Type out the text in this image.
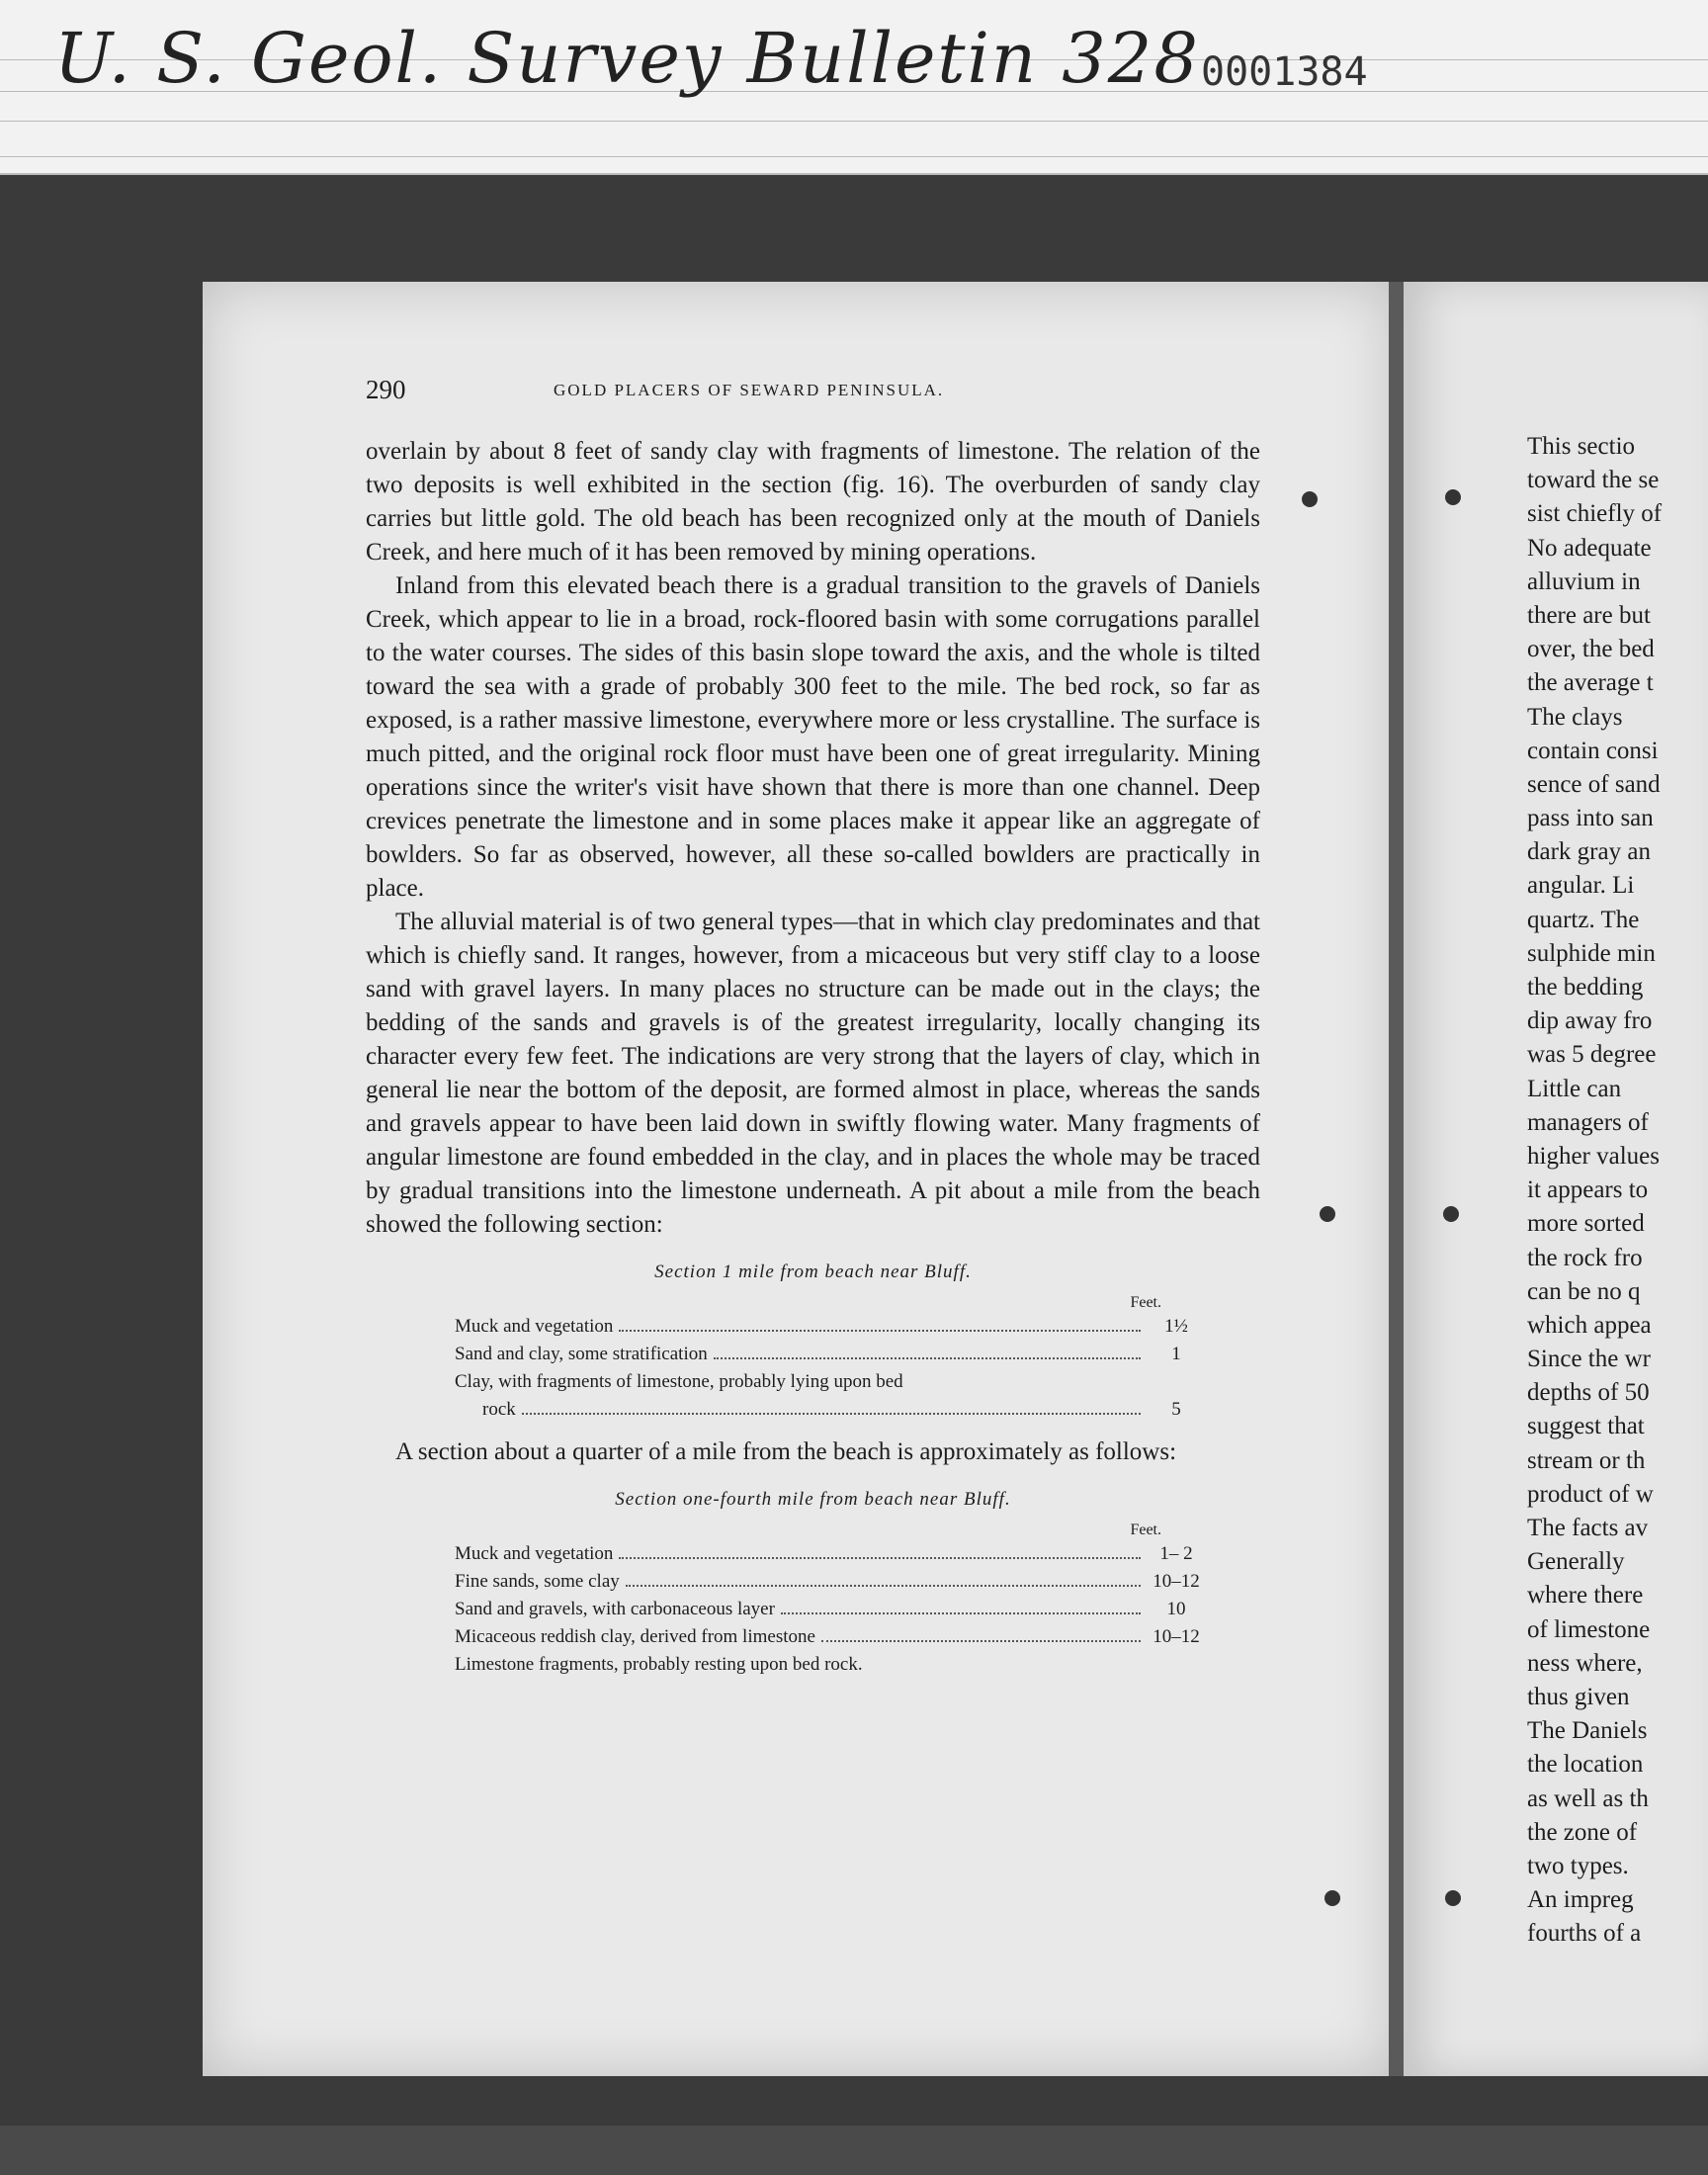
U. S. Geol. Survey Bulletin 328 0001384
290	GOLD PLACERS OF SEWARD PENINSULA.

overlain by about 8 feet of sandy clay with fragments of limestone. The relation of the two deposits is well exhibited in the section (fig. 16). The overburden of sandy clay carries but little gold. The old beach has been recognized only at the mouth of Daniels Creek, and here much of it has been removed by mining operations.

Inland from this elevated beach there is a gradual transition to the gravels of Daniels Creek, which appear to lie in a broad, rock-floored basin with some corrugations parallel to the water courses. The sides of this basin slope toward the axis, and the whole is tilted toward the sea with a grade of probably 300 feet to the mile. The bed rock, so far as exposed, is a rather massive limestone, everywhere more or less crystalline. The surface is much pitted, and the original rock floor must have been one of great irregularity. Mining operations since the writer's visit have shown that there is more than one channel. Deep crevices penetrate the limestone and in some places make it appear like an aggregate of bowlders. So far as observed, however, all these so-called bowlders are practically in place.

The alluvial material is of two general types—that in which clay predominates and that which is chiefly sand. It ranges, however, from a micaceous but very stiff clay to a loose sand with gravel layers. In many places no structure can be made out in the clays; the bedding of the sands and gravels is of the greatest irregularity, locally changing its character every few feet. The indications are very strong that the layers of clay, which in general lie near the bottom of the deposit, are formed almost in place, whereas the sands and gravels appear to have been laid down in swiftly flowing water. Many fragments of angular limestone are found embedded in the clay, and in places the whole may be traced by gradual transitions into the limestone underneath. A pit about a mile from the beach showed the following section:

Section 1 mile from beach near Bluff.
Feet.
Muck and vegetation	1½
Sand and clay, some stratification	1
Clay, with fragments of limestone, probably lying upon bed
rock	5

A section about a quarter of a mile from the beach is approximately as follows:

Section one-fourth mile from beach near Bluff.
Feet.
Muck and vegetation	1– 2
Fine sands, some clay	10–12
Sand and gravels, with carbonaceous layer	10
Micaceous reddish clay, derived from limestone	10–12
Limestone fragments, probably resting upon bed rock.
This sectio
toward the se
sist chiefly of
No adequate
alluvium in
there are but
over, the bed
the average t
The clays
contain consi
sence of sand
pass into san
dark gray an
angular. Li
quartz. The
sulphide min
the bedding
dip away fro
was 5 degree
Little can
managers of
higher values
it appears to
more sorted
the rock fro
can be no q
which appea
Since the wr
depths of 50
suggest that
stream or th
product of w
The facts av
Generally
where there
of limestone
ness where,
thus given
The Daniels
the location
as well as th
the zone of
two types.
An impreg
fourths of a
